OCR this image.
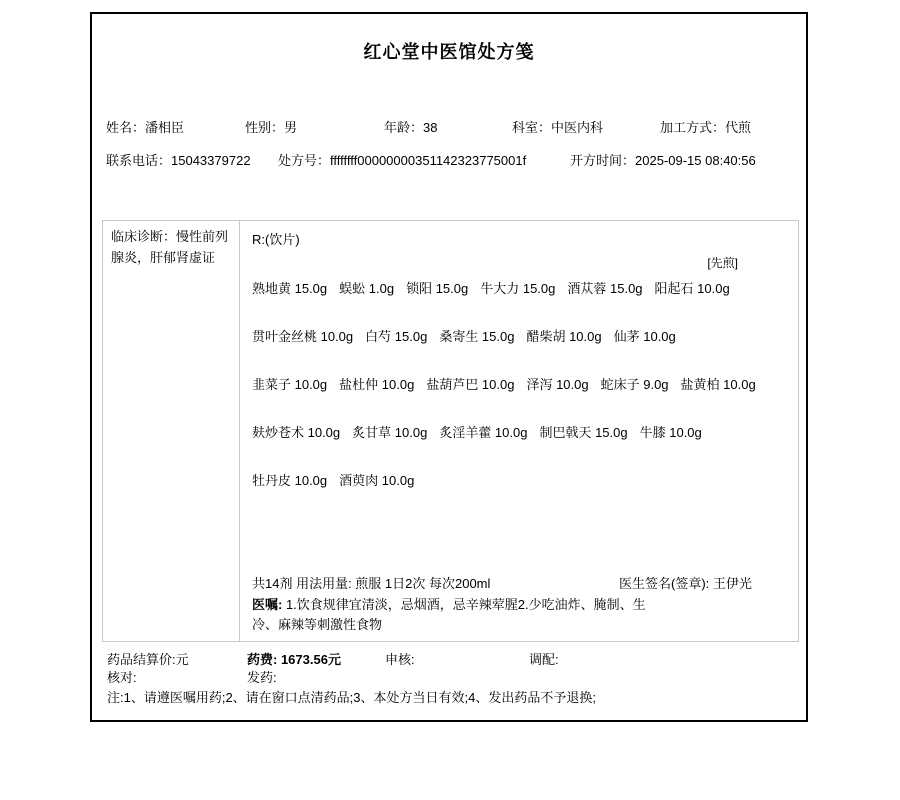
红心堂中医馆处方笺
姓名：潘相臣	性别：男	年龄：38	科室：中医内科	加工方式：代煎
联系电话：15043379722 处方号：ffffffff00000000351142323775001f	开方时间：2025-09-15 08:40:56
临床诊断：慢性前列腺炎，肝郁肾虚证
R:(饮片)
[先煎]
熟地黄 15.0g 蜈蚣 1.0g 锁阳 15.0g 牛大力 15.0g 酒苁蓉 15.0g 阳起石 10.0g
贯叶金丝桃 10.0g 白芍 15.0g 桑寄生 15.0g 醋柴胡 10.0g 仙茅 10.0g
韭菜子 10.0g 盐杜仲 10.0g 盐葫芦巴 10.0g 泽泻 10.0g 蛇床子 9.0g 盐黄柏 10.0g
麸炒苍术 10.0g 炙甘草 10.0g 炙淫羊藿 10.0g 制巴戟天 15.0g 牛膝 10.0g
牡丹皮 10.0g 酒萸肉 10.0g
共14剂 用法用量: 煎服 1日2次 每次200ml	医生签名(签章): 王伊光
医嘱: 1.饮食规律宜清淡，忌烟酒，忌辛辣荤腥2.少吃油炸、腌制、生冷、麻辣等刺激性食物
药品结算价:元	药费: 1673.56元	申核:	调配:
核对:	发药:
注:1、请遵医嘱用药;2、请在窗口点清药品;3、本处方当日有效;4、发出药品不予退换;
